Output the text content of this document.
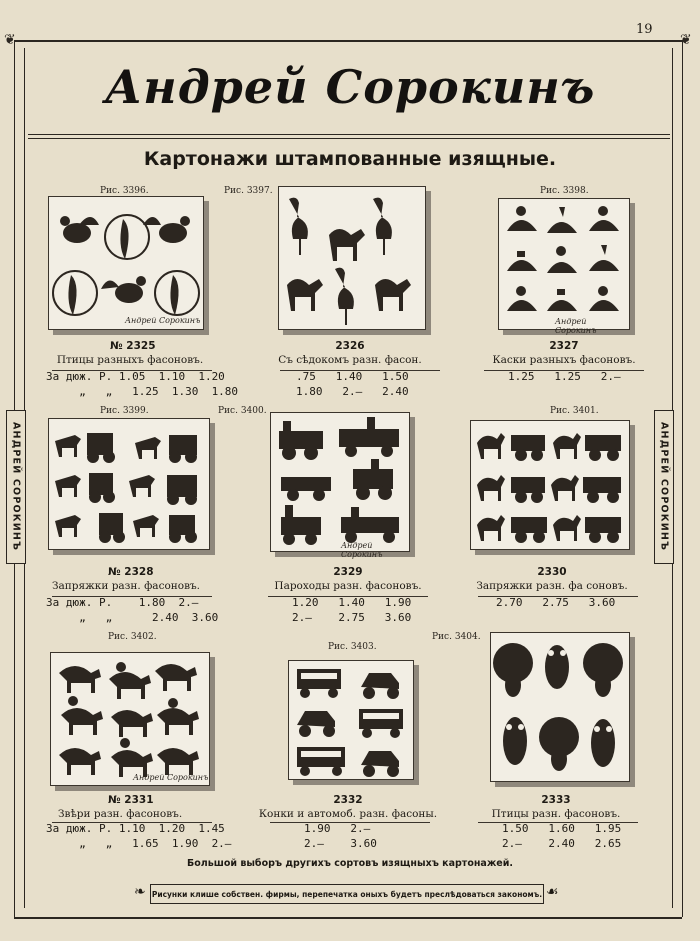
❦	❦
19
Андрей Сорокинъ
Картонажи штампованные изящные.
АНДРЕЙ СОРОКИНЪ	АНДРЕЙ СОРОКИНЪ
Рис. 3396.
Андрей Сорокинъ
№ 2325
Птицы разныхъ фасоновъ.
За дюж. Р. 1.05  1.10  1.20
„   „   1.25  1.30  1.80
Рис. 3397.
2326
Съ сѣдокомъ разн. фасон.
.75   1.40   1.50
1.80   2.—   2.40
Рис. 3398.
Андрей Сорокинъ
2327
Каски разныхъ фасоновъ.
1.25   1.25   2.—
Рис. 3399.
№ 2328
Запряжки разн. фасоновъ.
За дюж. Р.    1.80  2.—
„   „      2.40  3.60
Рис. 3400.
Андрей Сорокинъ
2329
Пароходы разн. фасоновъ.
1.20   1.40   1.90
2.—    2.75   3.60
Рис. 3401.
2330
Запряжки разн. фа соновъ.
2.70   2.75   3.60
Рис. 3402.
Андрей Сорокинъ
№ 2331
Звѣри разн. фасоновъ.
За дюж. Р. 1.10  1.20  1.45
„   „   1.65  1.90  2.—
Рис. 3403.
2332
Конки и автомоб. разн. фасоны.
1.90   2.—
2.—    3.60
Рис. 3404.
2333
Птицы разн. фасоновъ.
1.50   1.60   1.95
2.—    2.40   2.65
Большой выборъ другихъ сортовъ изящныхъ картонажей.
❧ Рисунки клише собствен. фирмы, перепечатка оныхъ будетъ преслѣдоваться закономъ. ☙
